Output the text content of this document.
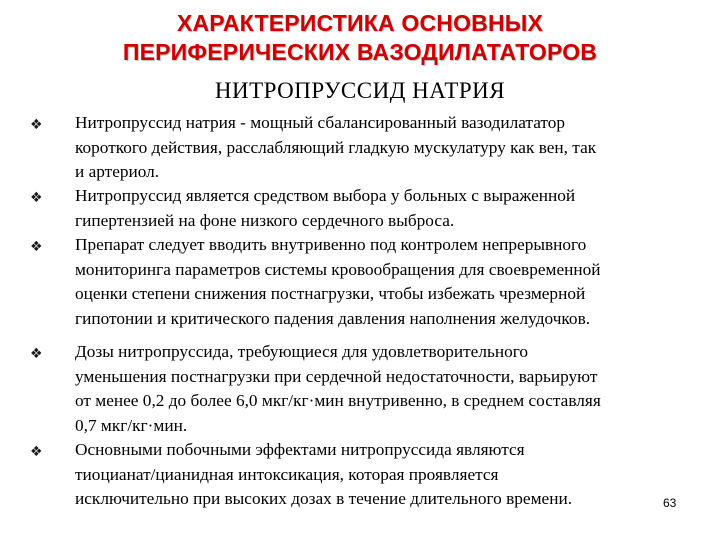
ХАРАКТЕРИСТИКА ОСНОВНЫХ
ПЕРИФЕРИЧЕСКИХ ВАЗОДИЛАТАТОРОВ
НИТРОПРУССИД НАТРИЯ
❖ Нитропруссид натрия - мощный сбалансированный вазодилататор
короткого действия, расслабляющий гладкую мускулатуру как вен, так
и артериол.
❖ Нитропруссид является средством выбора у больных с выраженной
гипертензией на фоне низкого сердечного выброса.
❖ Препарат следует вводить внутривенно под контролем непрерывного
мониторинга параметров системы кровообращения для своевременной
оценки степени снижения постнагрузки, чтобы избежать чрезмерной
гипотонии и критического падения давления наполнения желудочков.
❖ Дозы нитропруссида, требующиеся для удовлетворительного
уменьшения постнагрузки при сердечной недостаточности, варьируют
от менее 0,2 до более 6,0 мкг/кг·мин внутривенно, в среднем составляя
0,7 мкг/кг·мин.
❖ Основными побочными эффектами нитропруссида являются
тиоцианат/цианидная интоксикация, которая проявляется
исключительно при высоких дозах в течение длительного времени.	63
